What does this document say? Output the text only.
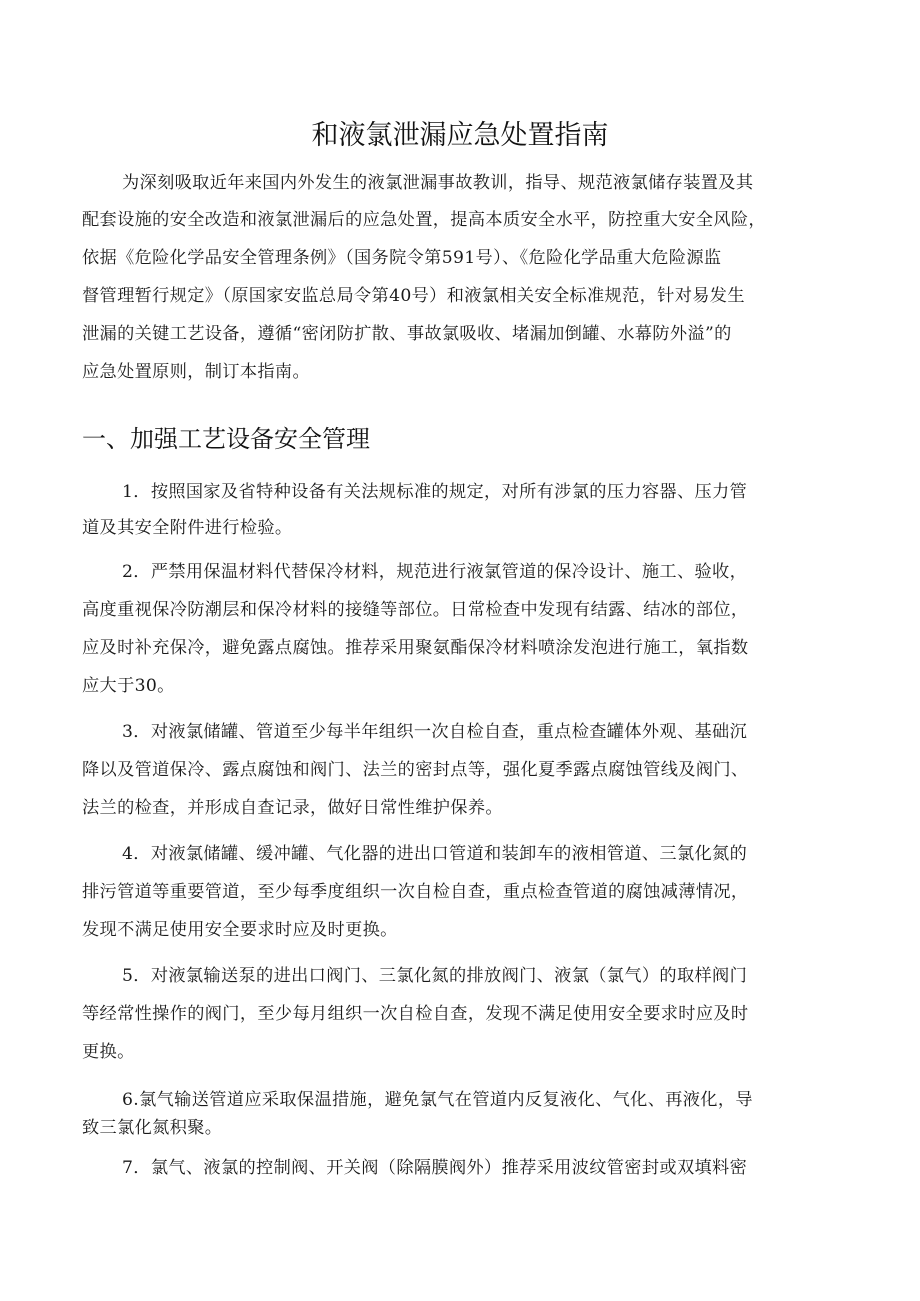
和液氯泄漏应急处置指南
为深刻吸取近年来国内外发生的液氯泄漏事故教训，指导、规范液氯储存装置及其
配套设施的安全改造和液氯泄漏后的应急处置，提高本质安全水平，防控重大安全风险，
依据《危险化学品安全管理条例》（国务院令第591号）、《危险化学品重大危险源监
督管理暂行规定》（原国家安监总局令第40号）和液氯相关安全标准规范，针对易发生
泄漏的关键工艺设备，遵循“密闭防扩散、事故氯吸收、堵漏加倒罐、水幕防外溢”的
应急处置原则，制订本指南。
一、加强工艺设备安全管理
1．按照国家及省特种设备有关法规标准的规定，对所有涉氯的压力容器、压力管
道及其安全附件进行检验。
2．严禁用保温材料代替保冷材料，规范进行液氯管道的保冷设计、施工、验收，
高度重视保冷防潮层和保冷材料的接缝等部位。日常检查中发现有结露、结冰的部位，
应及时补充保冷，避免露点腐蚀。推荐采用聚氨酯保冷材料喷涂发泡进行施工，氧指数
应大于30。
3．对液氯储罐、管道至少每半年组织一次自检自查，重点检查罐体外观、基础沉
降以及管道保冷、露点腐蚀和阀门、法兰的密封点等，强化夏季露点腐蚀管线及阀门、
法兰的检查，并形成自查记录，做好日常性维护保养。
4．对液氯储罐、缓冲罐、气化器的进出口管道和装卸车的液相管道、三氯化氮的
排污管道等重要管道，至少每季度组织一次自检自查，重点检查管道的腐蚀减薄情况，
发现不满足使用安全要求时应及时更换。
5．对液氯输送泵的进出口阀门、三氯化氮的排放阀门、液氯（氯气）的取样阀门
等经常性操作的阀门，至少每月组织一次自检自查，发现不满足使用安全要求时应及时
更换。
6.氯气输送管道应采取保温措施，避免氯气在管道内反复液化、气化、再液化，导
致三氯化氮积聚。
7．氯气、液氯的控制阀、开关阀（除隔膜阀外）推荐采用波纹管密封或双填料密
